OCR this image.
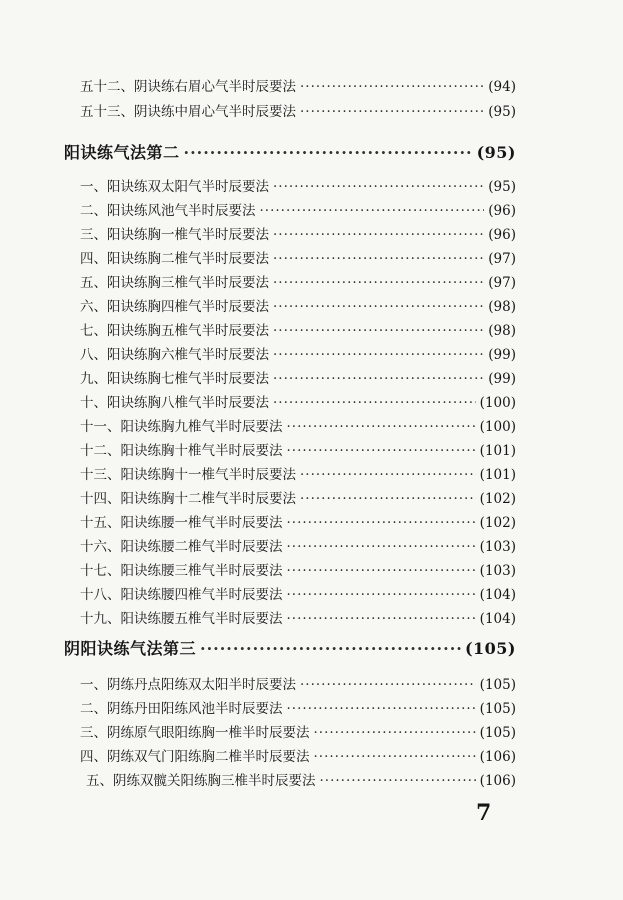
五十二、阴诀练右眉心气半时辰要法 ·····	( 94 )
五十三、阴诀练中眉心气半时辰要法 ·····	( 95 )
阳诀练气法第二 ·····	( 95 )
一、阳诀练双太阳气半时辰要法 ·····	( 95 )
二、阳诀练风池气半时辰要法 ·····	( 96 )
三、阳诀练胸一椎气半时辰要法 ·····	( 96 )
四、阳诀练胸二椎气半时辰要法 ·····	( 97 )
五、阳诀练胸三椎气半时辰要法 ·····	( 97 )
六、阳诀练胸四椎气半时辰要法 ·····	( 98 )
七、阳诀练胸五椎气半时辰要法 ·····	( 98 )
八、阳诀练胸六椎气半时辰要法 ·····	( 99 )
九、阳诀练胸七椎气半时辰要法 ·····	( 99 )
十、阳诀练胸八椎气半时辰要法 ·····	( 100 )
十一、阳诀练胸九椎气半时辰要法 ·····	( 100 )
十二、阳诀练胸十椎气半时辰要法 ·····	( 101 )
十三、阳诀练胸十一椎气半时辰要法 ·····	( 101 )
十四、阳诀练胸十二椎气半时辰要法 ·····	( 102 )
十五、阳诀练腰一椎气半时辰要法 ·····	( 102 )
十六、阳诀练腰二椎气半时辰要法 ·····	( 103 )
十七、阳诀练腰三椎气半时辰要法 ·····	( 103 )
十八、阳诀练腰四椎气半时辰要法 ·····	( 104 )
十九、阳诀练腰五椎气半时辰要法 ·····	( 104 )
阴阳诀练气法第三 ·····	( 105 )
一、阴练丹点阳练双太阳半时辰要法 ·····	( 105 )
二、阴练丹田阳练风池半时辰要法 ·····	( 105 )
三、阴练原气眼阳练胸一椎半时辰要法 ·····	( 105 )
四、阴练双气门阳练胸二椎半时辰要法 ·····	( 106 )
五、阴练双髋关阳练胸三椎半时辰要法 ·····	( 106 )
7
